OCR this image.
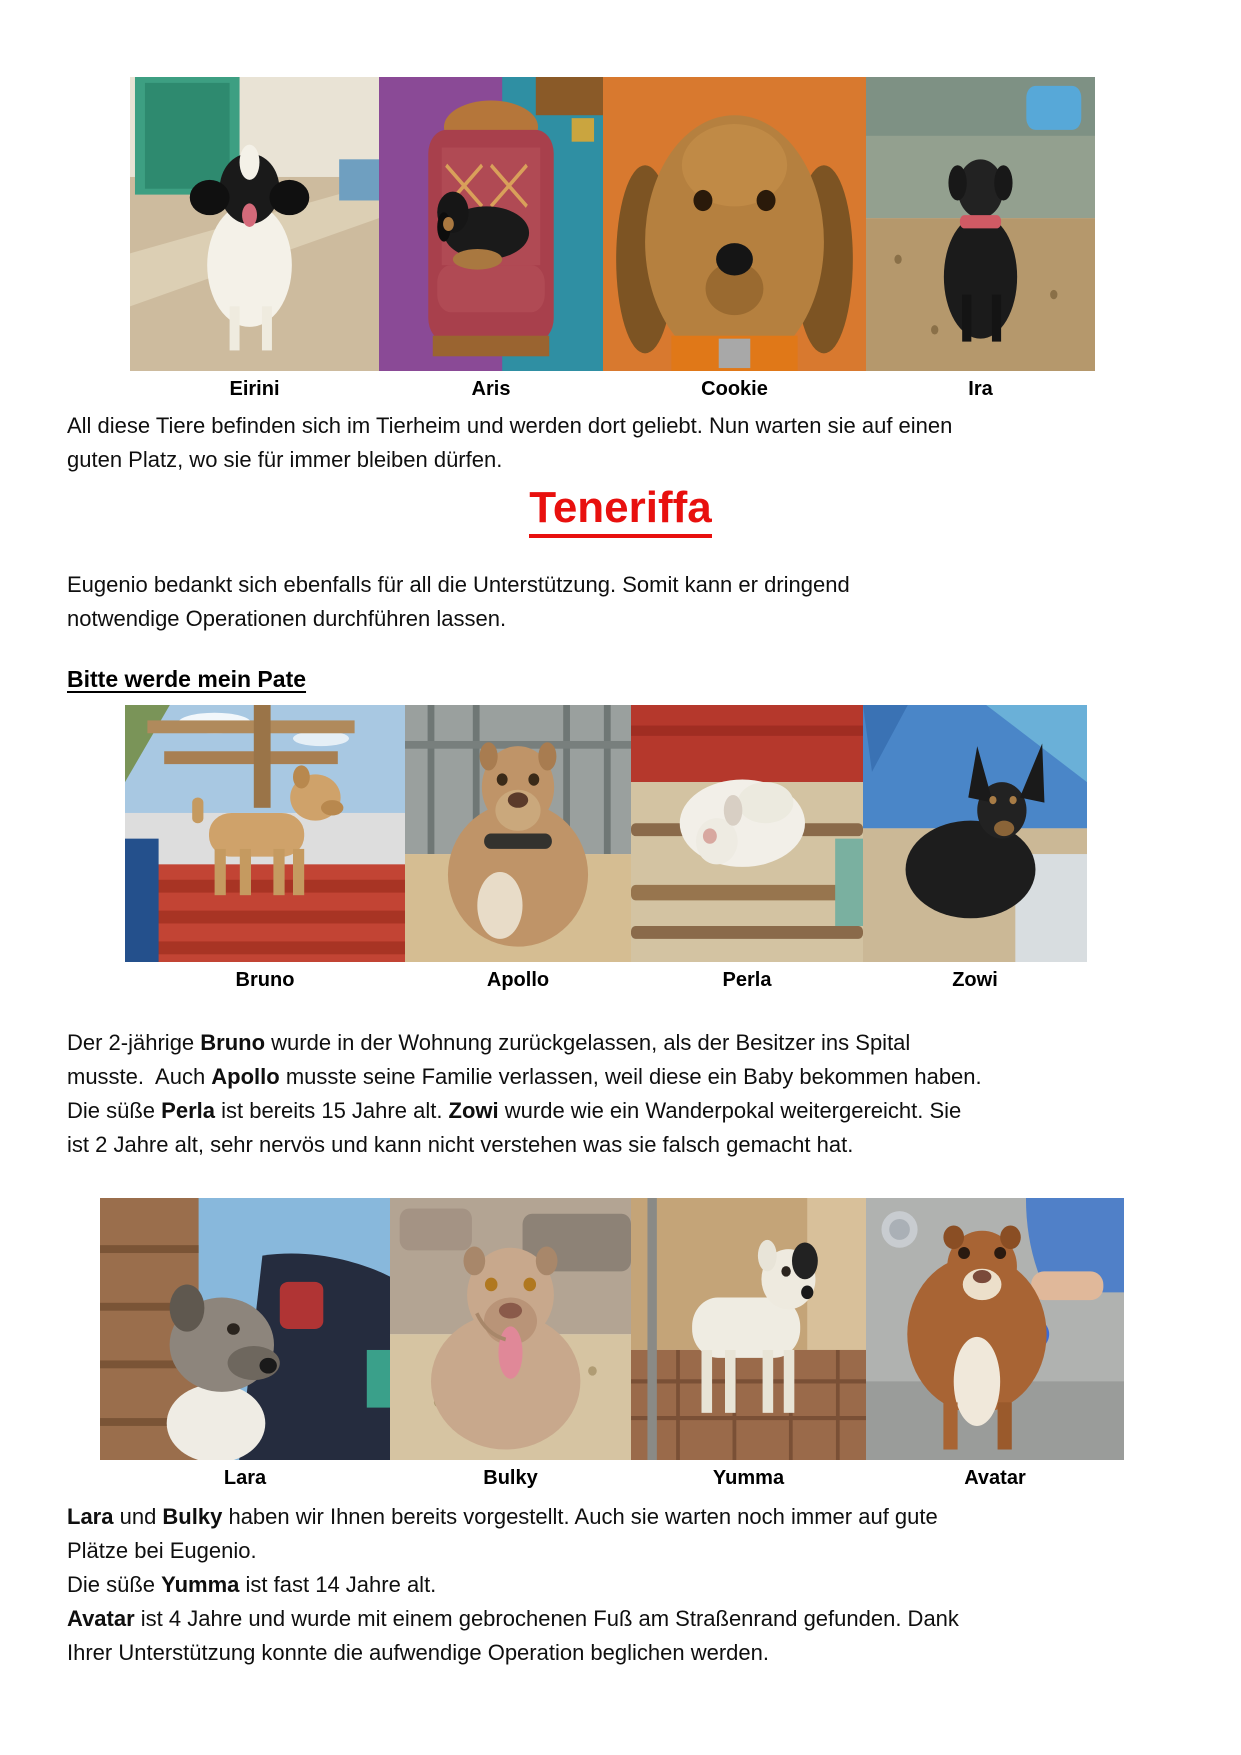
Eirini	Aris	Cookie	Ira

All diese Tiere befinden sich im Tierheim und werden dort geliebt. Nun warten sie auf einen
guten Platz, wo sie für immer bleiben dürfen.

Teneriffa

Eugenio bedankt sich ebenfalls für all die Unterstützung. Somit kann er dringend
notwendige Operationen durchführen lassen.

Bitte werde mein Pate
Bruno	Apollo	Perla	Zowi

Der 2-jährige Bruno wurde in der Wohnung zurückgelassen, als der Besitzer ins Spital
musste.  Auch Apollo musste seine Familie verlassen, weil diese ein Baby bekommen haben.
Die süße Perla ist bereits 15 Jahre alt. Zowi wurde wie ein Wanderpokal weitergereicht. Sie
ist 2 Jahre alt, sehr nervös und kann nicht verstehen was sie falsch gemacht hat.

Lara	Bulky	Yumma	Avatar

Lara und Bulky haben wir Ihnen bereits vorgestellt. Auch sie warten noch immer auf gute
Plätze bei Eugenio.
Die süße Yumma ist fast 14 Jahre alt.
Avatar ist 4 Jahre und wurde mit einem gebrochenen Fuß am Straßenrand gefunden. Dank
Ihrer Unterstützung konnte die aufwendige Operation beglichen werden.
